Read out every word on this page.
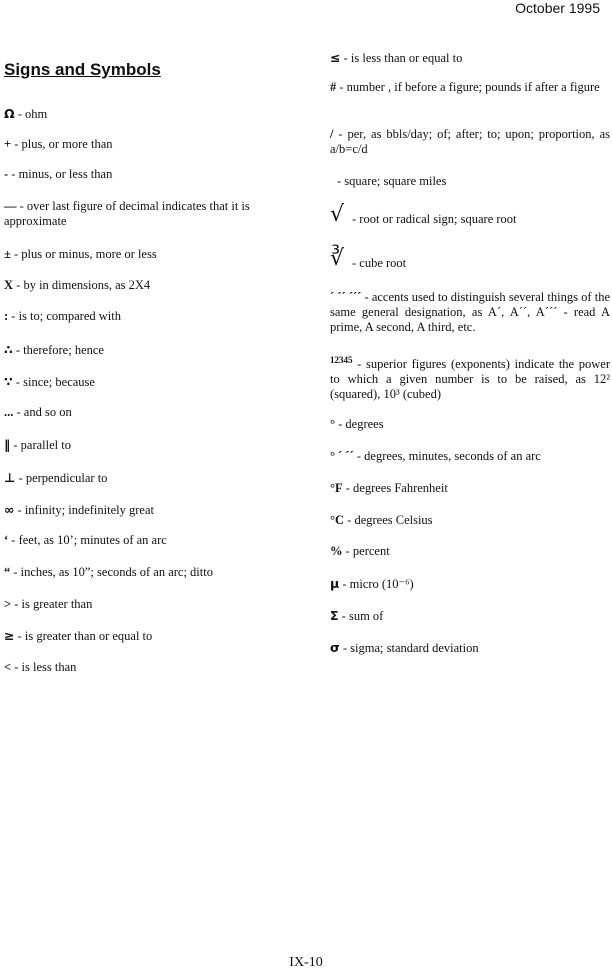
October 1995
Signs and Symbols
Ω - ohm
+ - plus, or more than
- - minus, or less than
— - over last figure of decimal indicates that it is approximate
± - plus or minus, more or less
X - by in dimensions, as 2X4
: - is to; compared with
∴ - therefore; hence
∵ - since; because
... - and so on
‖ - parallel to
⊥ - perpendicular to
∞ - infinity; indefinitely great
‘ - feet, as 10’; minutes of an arc
“ - inches, as 10”; seconds of an arc; ditto
> - is greater than
≥ - is greater than or equal to
< - is less than
≤ - is less than or equal to
# - number , if before a figure; pounds if after a figure
/ - per, as bbls/day; of; after; to; upon; proportion, as a/b=c/d
- square; square miles
√ - root or radical sign; square root
∛ - cube root
´ ´´ ´´´ - accents used to distinguish several things of the same general designation, as A´, A´´, A´´´ - read A prime, A second, A third, etc.
$^{12345}$ - superior figures (exponents) indicate the power to which a given number is to be raised, as 12² (squared), 10³ (cubed)
° - degrees
° ´ ´´ - degrees, minutes, seconds of an arc
°F - degrees Fahrenheit
°C - degrees Celsius
% - percent
μ - micro (10⁻⁶)
Σ - sum of
σ - sigma; standard deviation
IX-10
